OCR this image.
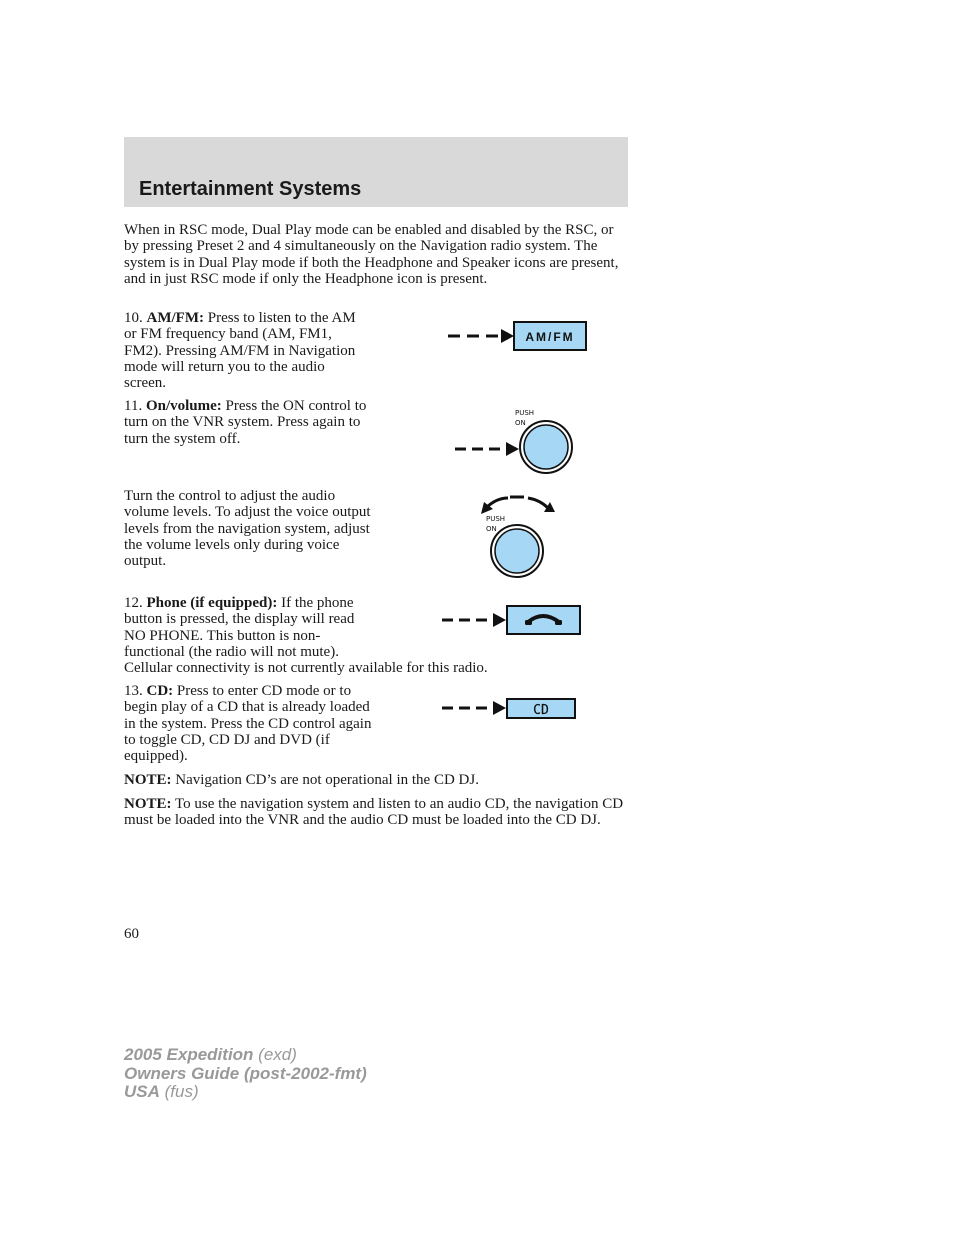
Entertainment Systems

When in RSC mode, Dual Play mode can be enabled and disabled by the RSC, or by pressing Preset 2 and 4 simultaneously on the Navigation radio system. The system is in Dual Play mode if both the Headphone and Speaker icons are present, and in just RSC mode if only the Headphone icon is present.

10. AM/FM: Press to listen to the AM or FM frequency band (AM, FM1, FM2). Pressing AM/FM in Navigation mode will return you to the audio screen.

AM/FM

11. On/volume: Press the ON control to turn on the VNR system. Press again to turn the system off.

PUSH
ON

Turn the control to adjust the audio volume levels. To adjust the voice output levels from the navigation system, adjust the volume levels only during voice output.

PUSH
ON
12. Phone (if equipped): If the phone button is pressed, the display will read NO PHONE. This button is non-functional (the radio will not mute). Cellular connectivity is not currently available for this radio.

13. CD: Press to enter CD mode or to begin play of a CD that is already loaded in the system. Press the CD control again to toggle CD, CD DJ and DVD (if equipped).

CD

NOTE: Navigation CD’s are not operational in the CD DJ.

NOTE: To use the navigation system and listen to an audio CD, the navigation CD must be loaded into the VNR and the audio CD must be loaded into the CD DJ.

60
2005 Expedition (exd)
Owners Guide (post-2002-fmt)
USA (fus)
